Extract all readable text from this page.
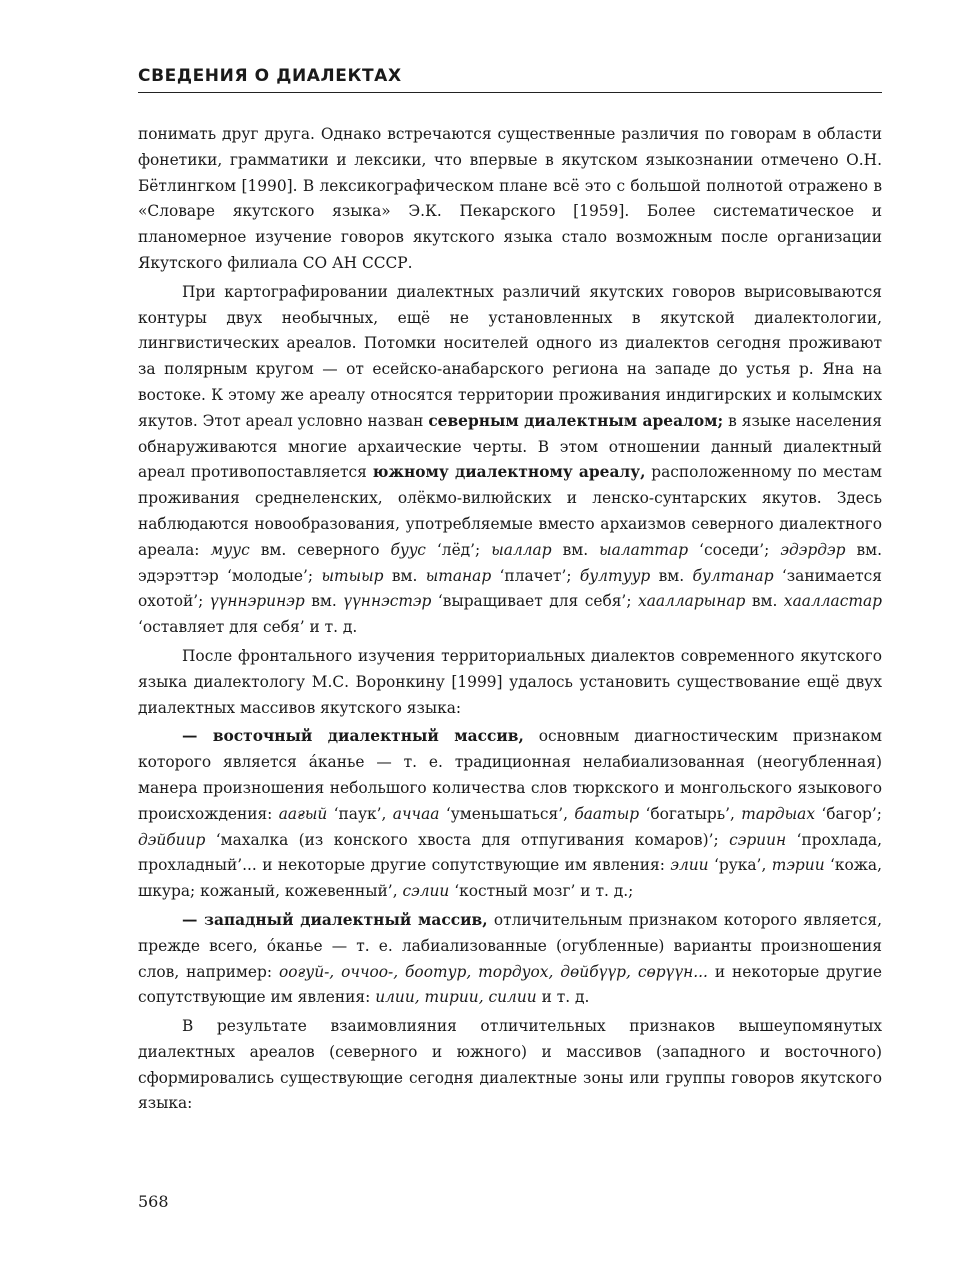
СВЕДЕНИЯ О ДИАЛЕКТАХ

понимать друг друга. Однако встречаются существенные различия по говорам в области фонетики, грамматики и лексики, что впервые в якутском языкознании отмечено О.Н. Бётлингком [1990]. В лексикографическом плане всё это с большой полнотой отражено в «Словаре якутского языка» Э.К. Пекарского [1959]. Более систематическое и планомерное изучение говоров якутского языка стало возможным после организации Якутского филиала СО АН СССР.

При картографировании диалектных различий якутских говоров вырисовываются контуры двух необычных, ещё не установленных в якутской диалектологии, лингвистических ареалов. Потомки носителей одного из диалектов сегодня проживают за полярным кругом — от есейско-анабарского региона на западе до устья р. Яна на востоке. К этому же ареалу относятся территории проживания индигирских и колымских якутов. Этот ареал условно назван северным диалектным ареалом; в языке населения обнаруживаются многие архаические черты. В этом отношении данный диалектный ареал противопоставляется южному диалектному ареалу, расположенному по местам проживания среднеленских, олёкмо-вилюйских и ленско-сунтарских якутов. Здесь наблюдаются новообразования, употребляемые вместо архаизмов северного диалектного ареала: муус вм. северного бyyc ‘лёд’; ыаллар вм. ыалаттар ‘соседи’; эдэрдэр вм. эдэрэттэр ‘молодые’; ытыыр вм. ытанар ‘плачет’; бултуур вм. бултанар ‘занимается охотой’; үүннэринэр вм. үүннэстэр ‘выращивает для себя’; хаалларынар вм. хаалластар ‘оставляет для себя’ и т. д.

После фронтального изучения территориальных диалектов современного якутского языка диалектологу М.С. Воронкину [1999] удалось установить существование ещё двух диалектных массивов якутского языка:

— восточный диалектный массив, основным диагностическим признаком которого является а́канье — т. е. традиционная нелабиализованная (неогубленная) манера произношения небольшого количества слов тюркского и монгольского языкового происхождения: аағый ‘паук’, аччаа ‘уменьшаться’, баатыр ‘богатырь’, тардыах ‘багор’; дэйбиир ‘махалка (из конского хвоста для отпугивания комаров)’; сэриин ‘прохлада, прохладный’... и некоторые другие сопутствующие им явления: элии ‘рука’, тэрии ‘кожа, шкура; кожаный, кожевенный’, сэлии ‘костный мозг’ и т. д.;

— западный диалектный массив, отличительным признаком которого является, прежде всего, о́канье — т. е. лабиализованные (огубленные) варианты произношения слов, например: ооғуй-, оччоо-, боотур, тордуох, дөйбүүр, сөрүүн... и некоторые другие сопутствующие им явления: илии, тирии, силии и т. д.

В результате взаимовлияния отличительных признаков вышеупомянутых диалектных ареалов (северного и южного) и массивов (западного и восточного) сформировались существующие сегодня диалектные зоны или группы говоров якутского языка:

568
